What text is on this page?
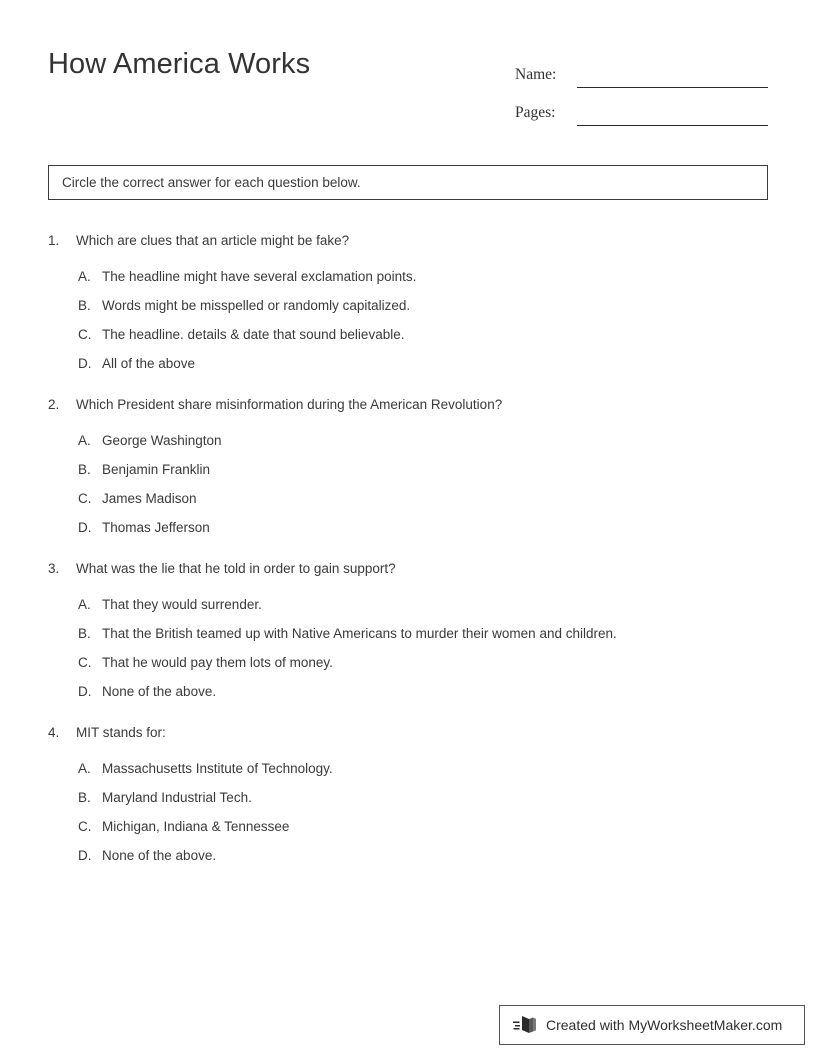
How America Works	Name:
Pages:
Circle the correct answer for each question below.
1.	Which are clues that an article might be fake?
A. The headline might have several exclamation points.
B. Words might be misspelled or randomly capitalized.
C. The headline. details & date that sound believable.
D. All of the above
2.	Which President share misinformation during the American Revolution?
A. George Washington
B. Benjamin Franklin
C. James Madison
D. Thomas Jefferson
3.	What was the lie that he told in order to gain support?
A. That they would surrender.
B. That the British teamed up with Native Americans to murder their women and children.
C. That he would pay them lots of money.
D. None of the above.
4.	MIT stands for:
A. Massachusetts Institute of Technology.
B. Maryland Industrial Tech.
C. Michigan, Indiana & Tennessee
D. None of the above.
Created with MyWorksheetMaker.com
